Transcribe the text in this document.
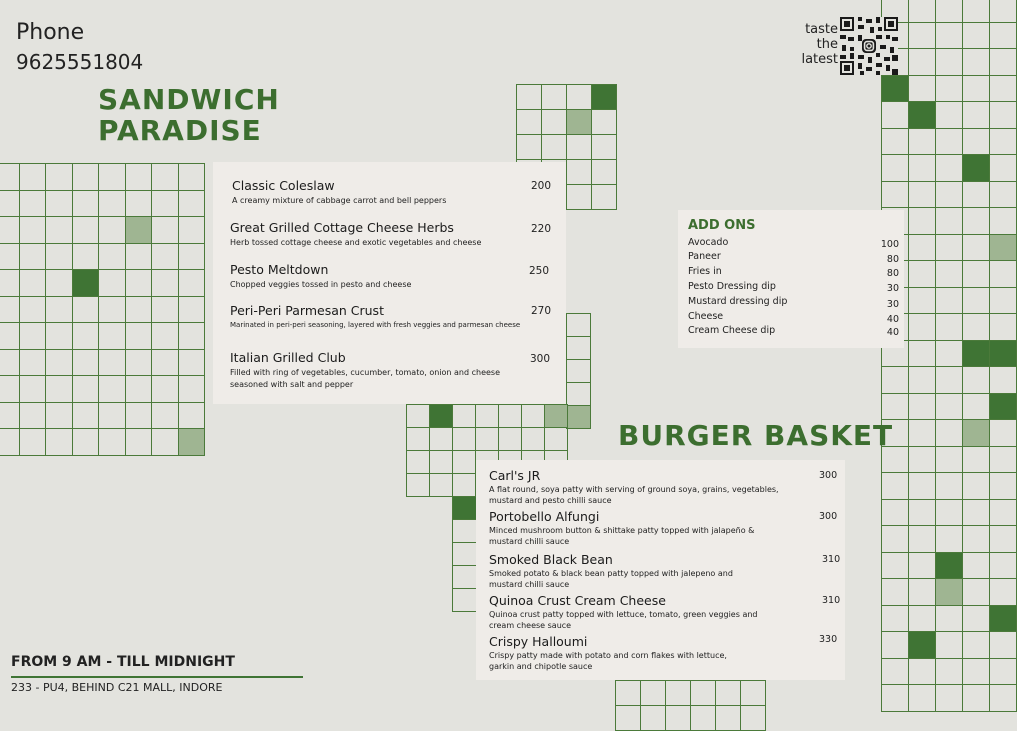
Phone
9625551804
SANDWICH
PARADISE
taste
the
latest
Classic Coleslaw
A creamy mixture of cabbage carrot and bell peppers
200
Great Grilled Cottage Cheese Herbs
Herb tossed cottage cheese and exotic vegetables and cheese
220
Pesto Meltdown
Chopped veggies tossed in pesto and cheese
250
Peri-Peri Parmesan Crust
Marinated in peri-peri seasoning, layered with fresh veggies and parmesan cheese
270
Italian Grilled Club
Filled with ring of vegetables, cucumber, tomato, onion and cheese seasoned with salt and pepper
300
ADD ONS
Avocado	100
Paneer	80
Fries in	80
Pesto Dressing dip	30
Mustard dressing dip	30
Cheese	40
Cream Cheese dip	40
BURGER BASKET
Carl's JR
A flat round, soya patty with serving of ground soya, grains, vegetables, mustard and pesto chilli sauce
300
Portobello Alfungi
Minced mushroom button & shittake patty topped with jalapeño & mustard chilli sauce
300
Smoked Black Bean
Smoked potato & black bean patty topped with jalepeno and mustard chilli sauce
310
Quinoa Crust Cream Cheese
Quinoa crust patty topped with lettuce, tomato, green veggies and cream cheese sauce
310
Crispy Halloumi
Crispy patty made with potato and corn flakes with lettuce, garkin and chipotle sauce
330
FROM 9 AM - TILL MIDNIGHT
233 - PU4, BEHIND C21 MALL, INDORE
